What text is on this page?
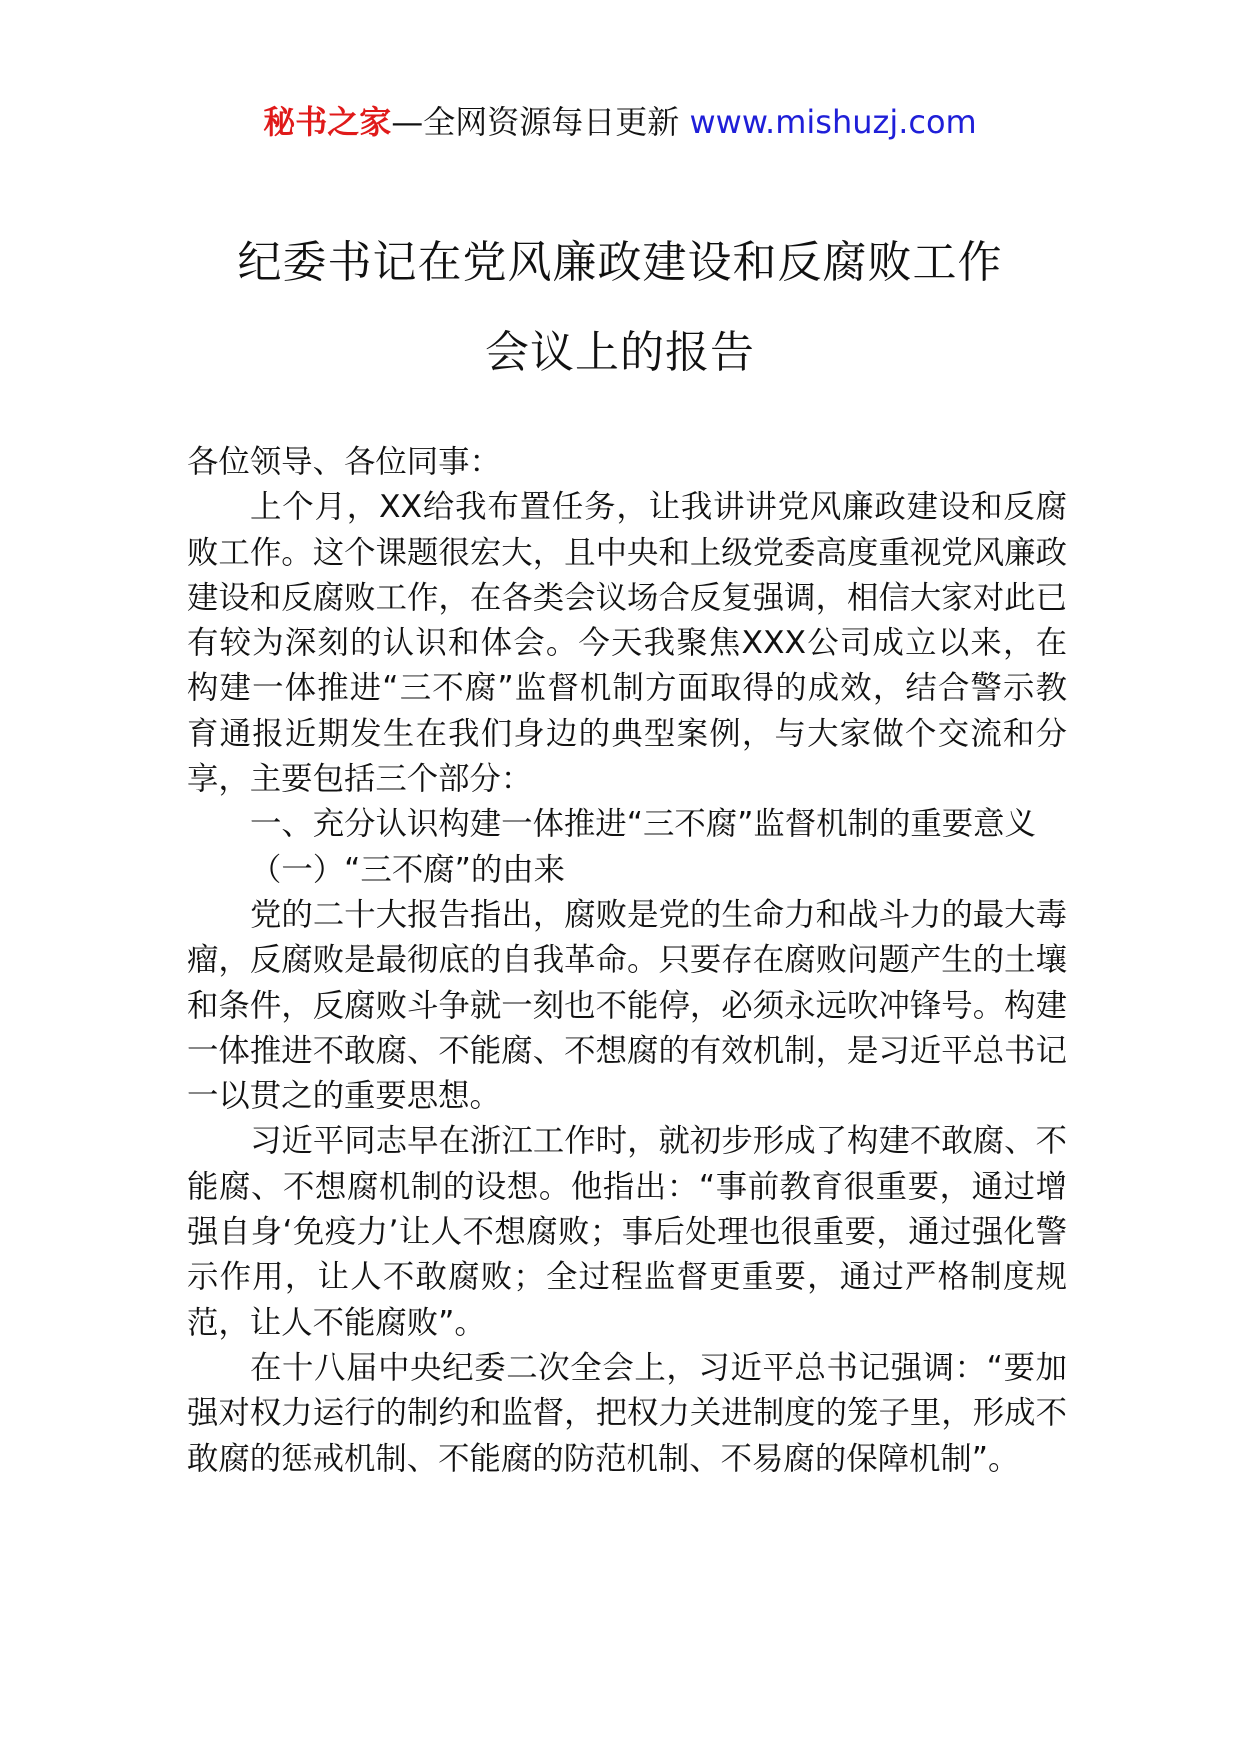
秘书之家—全网资源每日更新 www.mishuzj.com
纪委书记在党风廉政建设和反腐败工作
会议上的报告

各位领导、各位同事：

上个月，XX给我布置任务，让我讲讲党风廉政建设和反腐败工作。这个课题很宏大，且中央和上级党委高度重视党风廉政建设和反腐败工作，在各类会议场合反复强调，相信大家对此已有较为深刻的认识和体会。今天我聚焦XXX公司成立以来，在构建一体推进“三不腐”监督机制方面取得的成效，结合警示教育通报近期发生在我们身边的典型案例，与大家做个交流和分享，主要包括三个部分：

一、充分认识构建一体推进“三不腐”监督机制的重要意义

（一）“三不腐”的由来

党的二十大报告指出，腐败是党的生命力和战斗力的最大毒瘤，反腐败是最彻底的自我革命。只要存在腐败问题产生的土壤和条件，反腐败斗争就一刻也不能停，必须永远吹冲锋号。构建一体推进不敢腐、不能腐、不想腐的有效机制，是习近平总书记一以贯之的重要思想。

习近平同志早在浙江工作时，就初步形成了构建不敢腐、不能腐、不想腐机制的设想。他指出：“事前教育很重要，通过增强自身‘免疫力’让人不想腐败；事后处理也很重要，通过强化警示作用，让人不敢腐败；全过程监督更重要，通过严格制度规范，让人不能腐败”。

在十八届中央纪委二次全会上，习近平总书记强调：“要加强对权力运行的制约和监督，把权力关进制度的笼子里，形成不敢腐的惩戒机制、不能腐的防范机制、不易腐的保障机制”。
